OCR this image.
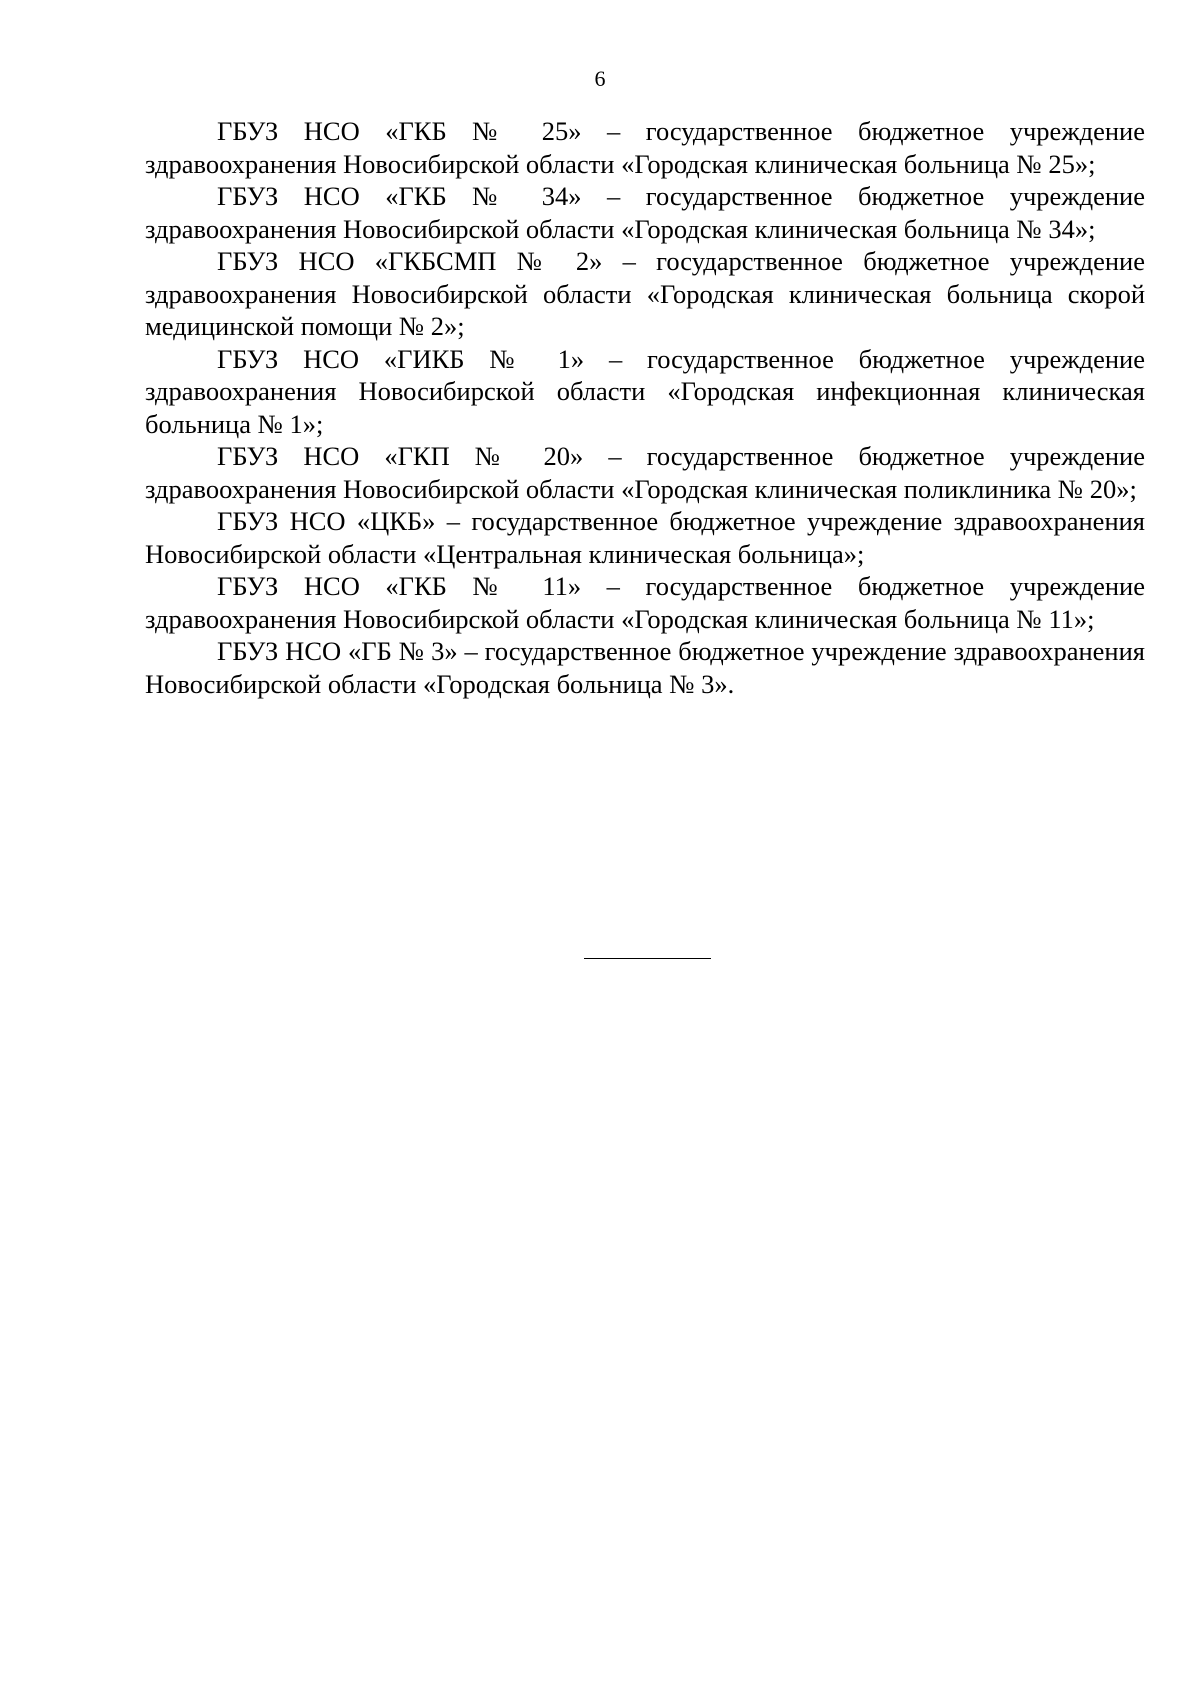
6

ГБУЗ НСО «ГКБ № 25» – государственное бюджетное учреждение здравоохранения Новосибирской области «Городская клиническая больница № 25»;

ГБУЗ НСО «ГКБ № 34» – государственное бюджетное учреждение здравоохранения Новосибирской области «Городская клиническая больница № 34»;

ГБУЗ НСО «ГКБСМП № 2» – государственное бюджетное учреждение здравоохранения Новосибирской области «Городская клиническая больница скорой медицинской помощи № 2»;

ГБУЗ НСО «ГИКБ № 1» – государственное бюджетное учреждение здравоохранения Новосибирской области «Городская инфекционная клиническая больница № 1»;

ГБУЗ НСО «ГКП № 20» – государственное бюджетное учреждение здравоохранения Новосибирской области «Городская клиническая поликлиника № 20»;

ГБУЗ НСО «ЦКБ» – государственное бюджетное учреждение здравоохранения Новосибирской области «Центральная клиническая больница»;

ГБУЗ НСО «ГКБ № 11» – государственное бюджетное учреждение здравоохранения Новосибирской области «Городская клиническая больница № 11»;

ГБУЗ НСО «ГБ № 3» – государственное бюджетное учреждение здравоохранения Новосибирской области «Городская больница № 3».
